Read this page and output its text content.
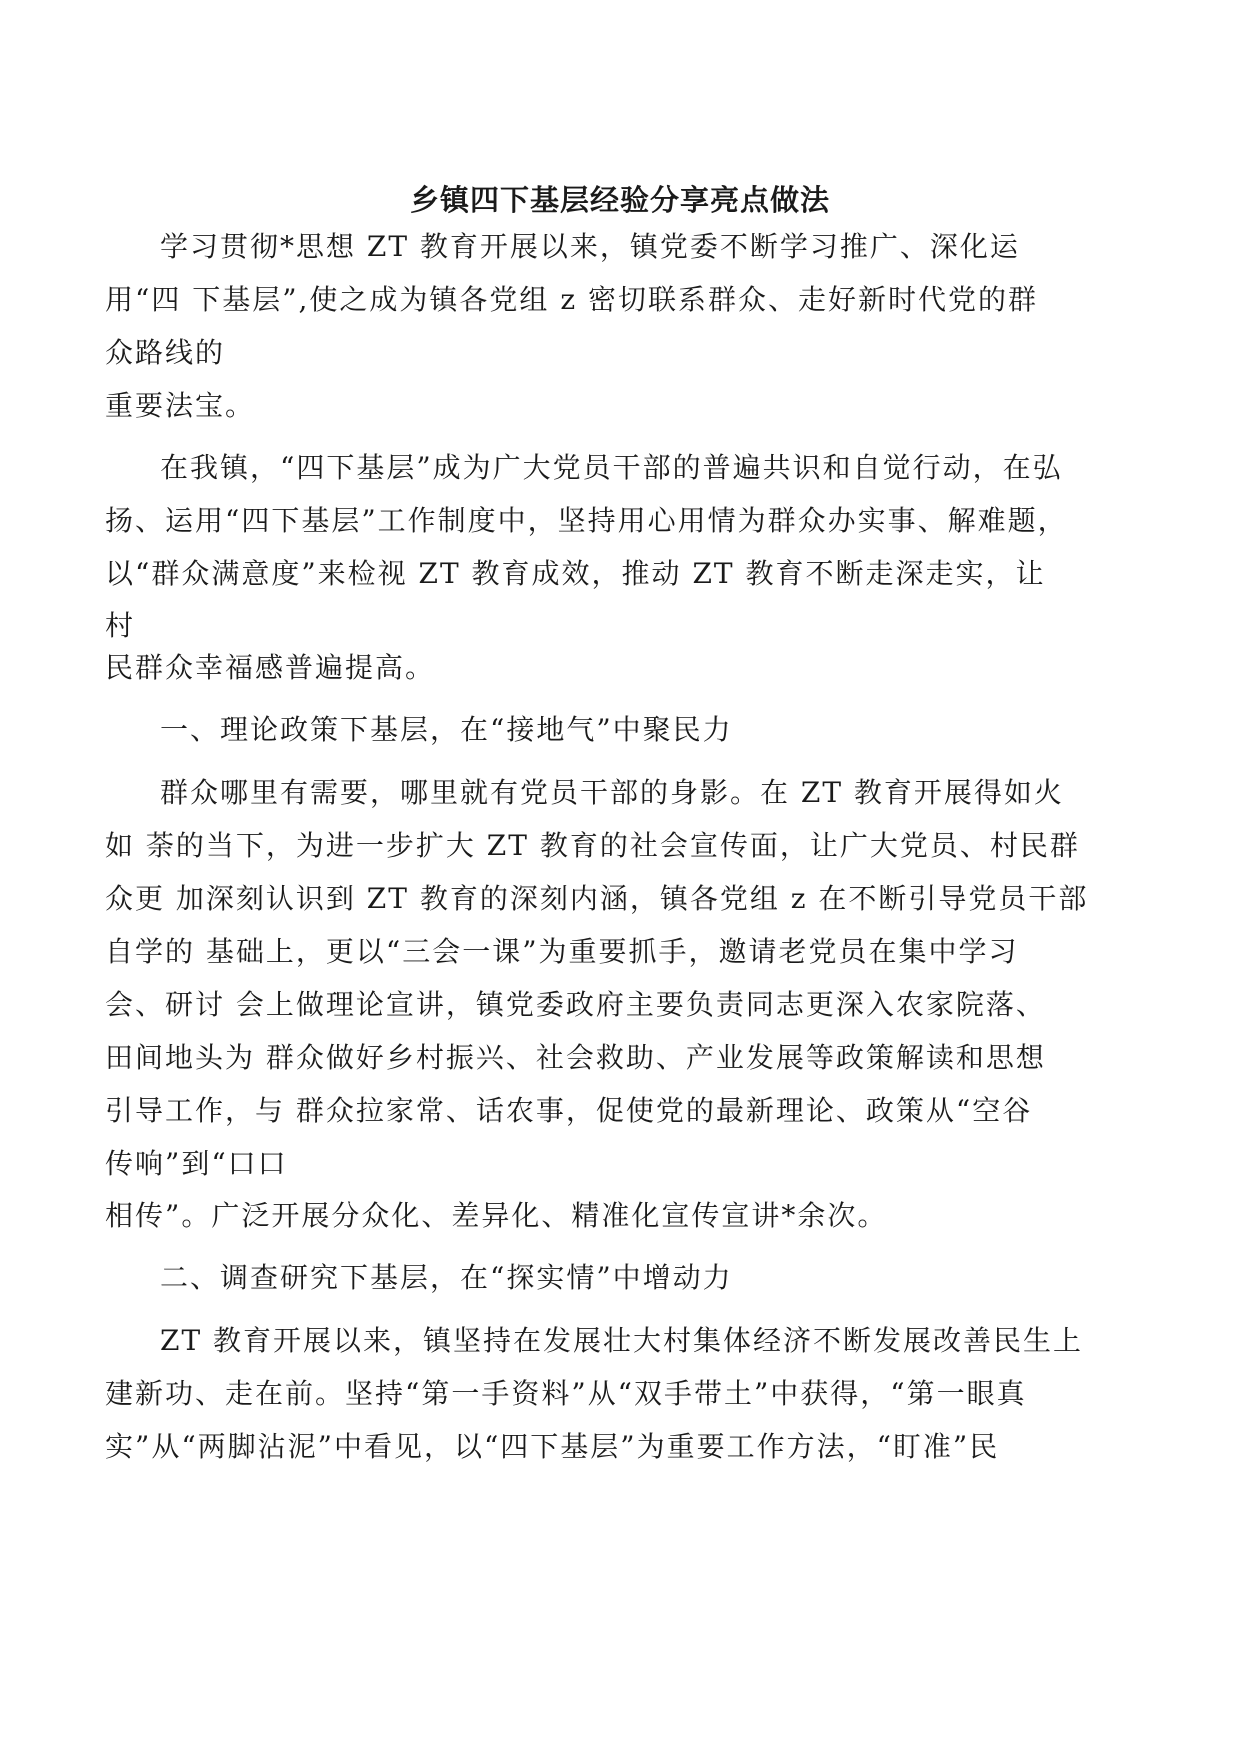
乡镇四下基层经验分享亮点做法

学习贯彻*思想 ZT 教育开展以来，镇党委不断学习推广、深化运

用“四 下基层”,使之成为镇各党组 z 密切联系群众、走好新时代党的群

众路线的

重要法宝。

在我镇，“四下基层”成为广大党员干部的普遍共识和自觉行动，在弘

扬、运用“四下基层”工作制度中，坚持用心用情为群众办实事、解难题，

以“群众满意度”来检视 ZT 教育成效，推动 ZT 教育不断走深走实，让

村

民群众幸福感普遍提高。

一、理论政策下基层，在“接地气”中聚民力

群众哪里有需要，哪里就有党员干部的身影。在 ZT 教育开展得如火

如 荼的当下，为进一步扩大 ZT 教育的社会宣传面，让广大党员、村民群

众更 加深刻认识到 ZT 教育的深刻内涵，镇各党组 z 在不断引导党员干部

自学的 基础上，更以“三会一课”为重要抓手，邀请老党员在集中学习

会、研讨 会上做理论宣讲，镇党委政府主要负责同志更深入农家院落、

田间地头为 群众做好乡村振兴、社会救助、产业发展等政策解读和思想

引导工作，与 群众拉家常、话农事，促使党的最新理论、政策从“空谷

传响”到“口口

相传”。广泛开展分众化、差异化、精准化宣传宣讲*余次。

二、调查研究下基层，在“探实情”中增动力

ZT 教育开展以来，镇坚持在发展壮大村集体经济不断发展改善民生上

建新功、走在前。坚持“第一手资料”从“双手带土”中获得，“第一眼真

实”从“两脚沾泥”中看见，以“四下基层”为重要工作方法，“盯准”民
